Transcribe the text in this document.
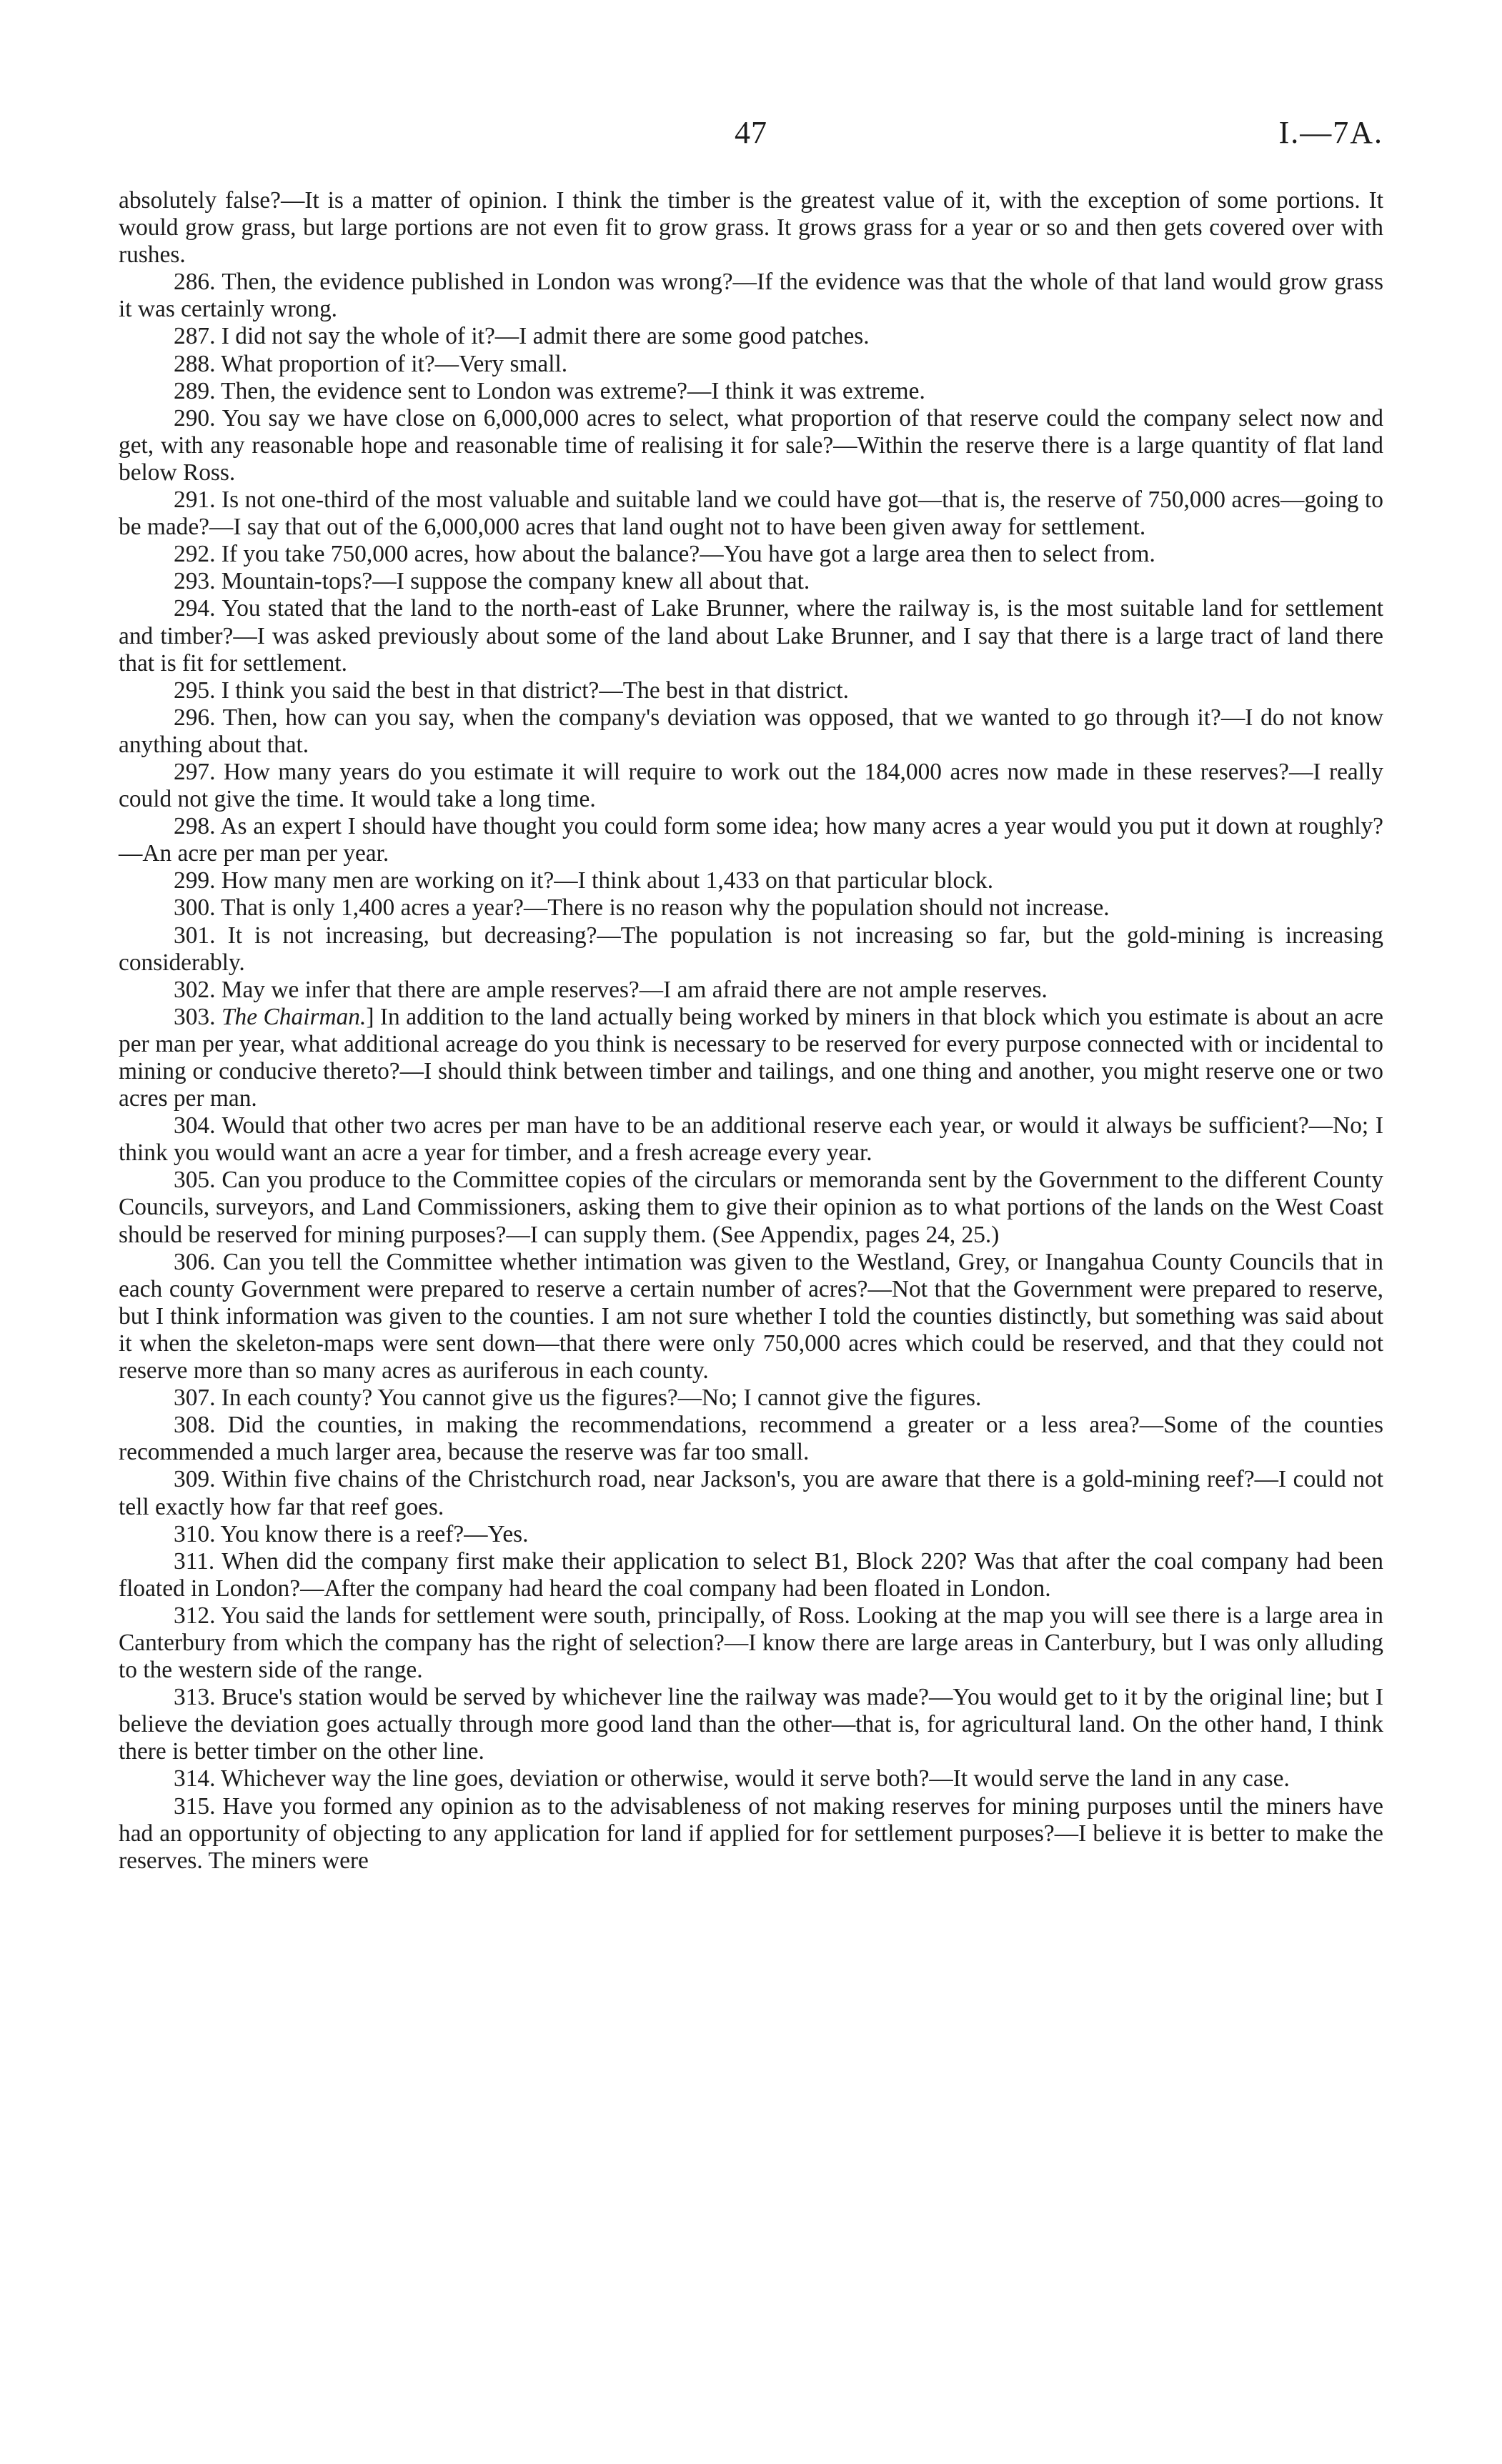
47	I.—7A.

absolutely false?—It is a matter of opinion. I think the timber is the greatest value of it, with the exception of some portions. It would grow grass, but large portions are not even fit to grow grass. It grows grass for a year or so and then gets covered over with rushes.

286. Then, the evidence published in London was wrong?—If the evidence was that the whole of that land would grow grass it was certainly wrong.

287. I did not say the whole of it?—I admit there are some good patches.

288. What proportion of it?—Very small.

289. Then, the evidence sent to London was extreme?—I think it was extreme.

290. You say we have close on 6,000,000 acres to select, what proportion of that reserve could the company select now and get, with any reasonable hope and reasonable time of realising it for sale?—Within the reserve there is a large quantity of flat land below Ross.

291. Is not one-third of the most valuable and suitable land we could have got—that is, the reserve of 750,000 acres—going to be made?—I say that out of the 6,000,000 acres that land ought not to have been given away for settlement.

292. If you take 750,000 acres, how about the balance?—You have got a large area then to select from.

293. Mountain-tops?—I suppose the company knew all about that.

294. You stated that the land to the north-east of Lake Brunner, where the railway is, is the most suitable land for settlement and timber?—I was asked previously about some of the land about Lake Brunner, and I say that there is a large tract of land there that is fit for settlement.

295. I think you said the best in that district?—The best in that district.

296. Then, how can you say, when the company's deviation was opposed, that we wanted to go through it?—I do not know anything about that.

297. How many years do you estimate it will require to work out the 184,000 acres now made in these reserves?—I really could not give the time. It would take a long time.

298. As an expert I should have thought you could form some idea; how many acres a year would you put it down at roughly?—An acre per man per year.

299. How many men are working on it?—I think about 1,433 on that particular block.

300. That is only 1,400 acres a year?—There is no reason why the population should not increase.

301. It is not increasing, but decreasing?—The population is not increasing so far, but the gold-mining is increasing considerably.

302. May we infer that there are ample reserves?—I am afraid there are not ample reserves.

303. The Chairman.] In addition to the land actually being worked by miners in that block which you estimate is about an acre per man per year, what additional acreage do you think is necessary to be reserved for every purpose connected with or incidental to mining or conducive thereto?—I should think between timber and tailings, and one thing and another, you might reserve one or two acres per man.

304. Would that other two acres per man have to be an additional reserve each year, or would it always be sufficient?—No; I think you would want an acre a year for timber, and a fresh acreage every year.

305. Can you produce to the Committee copies of the circulars or memoranda sent by the Government to the different County Councils, surveyors, and Land Commissioners, asking them to give their opinion as to what portions of the lands on the West Coast should be reserved for mining purposes?—I can supply them. (See Appendix, pages 24, 25.)

306. Can you tell the Committee whether intimation was given to the Westland, Grey, or Inangahua County Councils that in each county Government were prepared to reserve a certain number of acres?—Not that the Government were prepared to reserve, but I think information was given to the counties. I am not sure whether I told the counties distinctly, but something was said about it when the skeleton-maps were sent down—that there were only 750,000 acres which could be reserved, and that they could not reserve more than so many acres as auriferous in each county.

307. In each county? You cannot give us the figures?—No; I cannot give the figures.

308. Did the counties, in making the recommendations, recommend a greater or a less area?—Some of the counties recommended a much larger area, because the reserve was far too small.

309. Within five chains of the Christchurch road, near Jackson's, you are aware that there is a gold-mining reef?—I could not tell exactly how far that reef goes.

310. You know there is a reef?—Yes.

311. When did the company first make their application to select B1, Block 220? Was that after the coal company had been floated in London?—After the company had heard the coal company had been floated in London.

312. You said the lands for settlement were south, principally, of Ross. Looking at the map you will see there is a large area in Canterbury from which the company has the right of selection?—I know there are large areas in Canterbury, but I was only alluding to the western side of the range.

313. Bruce's station would be served by whichever line the railway was made?—You would get to it by the original line; but I believe the deviation goes actually through more good land than the other—that is, for agricultural land. On the other hand, I think there is better timber on the other line.

314. Whichever way the line goes, deviation or otherwise, would it serve both?—It would serve the land in any case.

315. Have you formed any opinion as to the advisableness of not making reserves for mining purposes until the miners have had an opportunity of objecting to any application for land if applied for for settlement purposes?—I believe it is better to make the reserves. The miners were
